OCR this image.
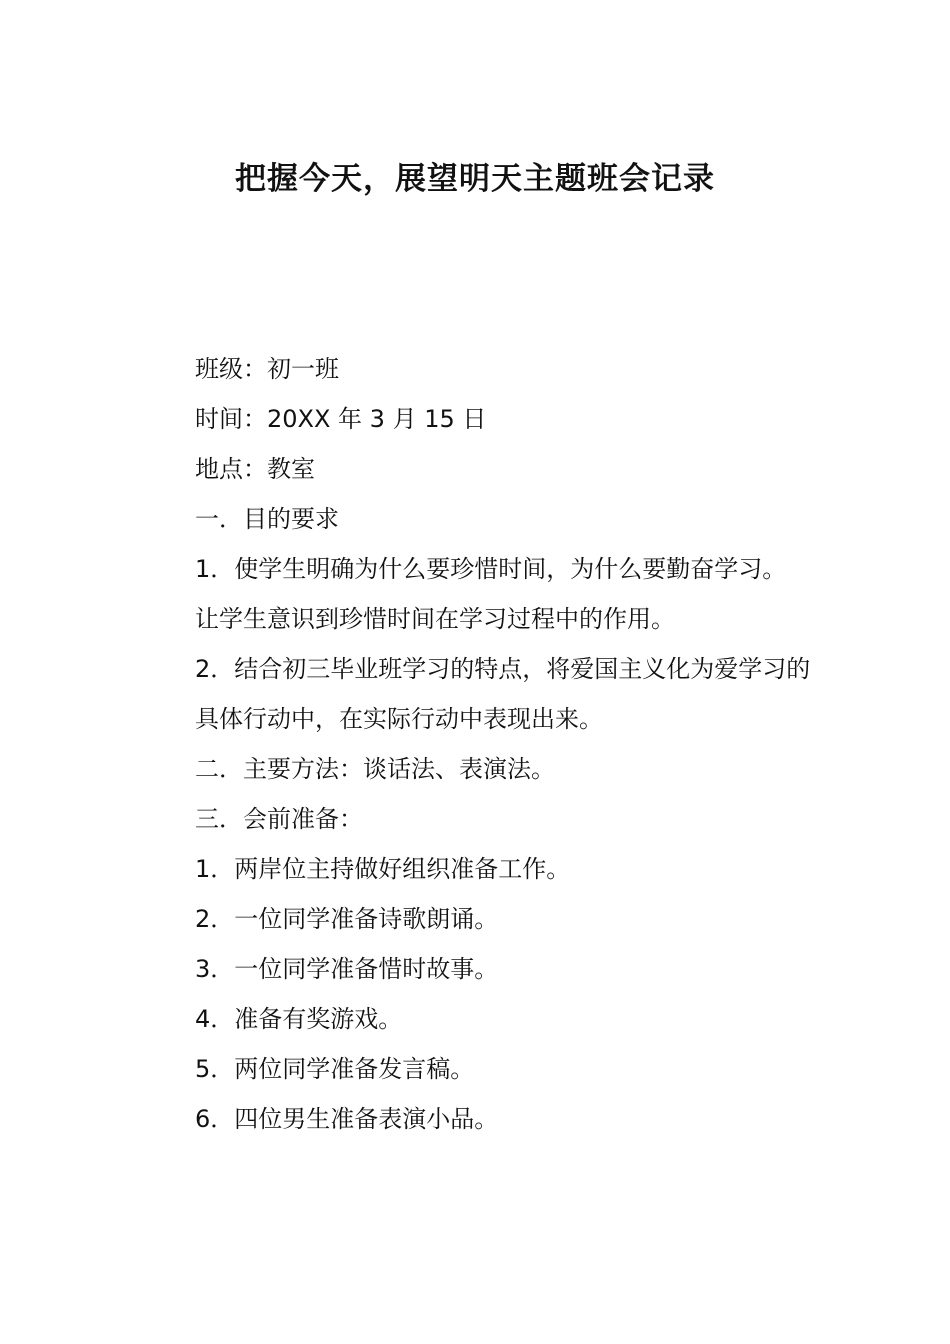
把握今天，展望明天主题班会记录

班级：初一班

时间：20XX 年 3 月 15 日

地点：教室

一．目的要求

1．使学生明确为什么要珍惜时间，为什么要勤奋学习。

让学生意识到珍惜时间在学习过程中的作用。

2．结合初三毕业班学习的特点，将爱国主义化为爱学习的

具体行动中，在实际行动中表现出来。

二．主要方法：谈话法、表演法。

三．会前准备：

1．两岸位主持做好组织准备工作。

2．一位同学准备诗歌朗诵。

3．一位同学准备惜时故事。

4．准备有奖游戏。

5．两位同学准备发言稿。

6．四位男生准备表演小品。
